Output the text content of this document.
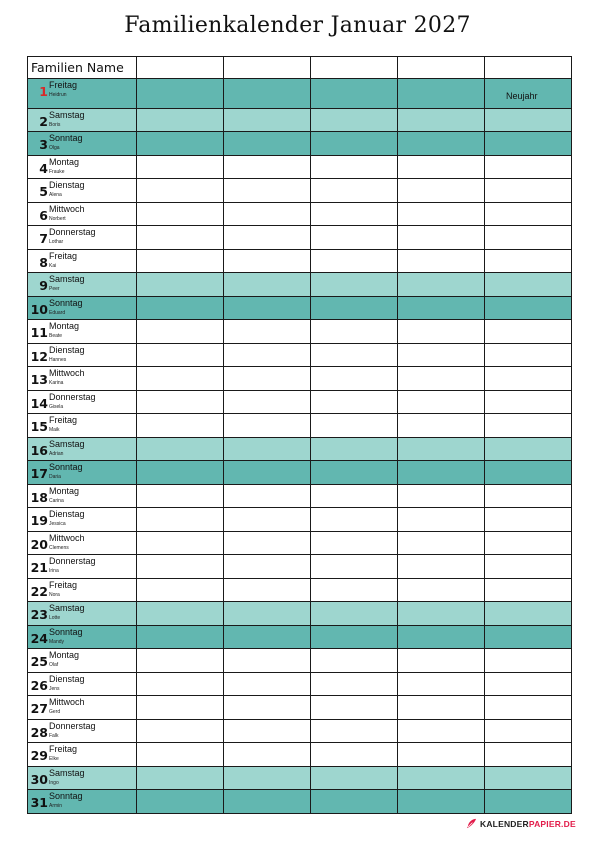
Familienkalender Januar 2027
Familien Name					

1 Freitag
Heidrun					Neujahr

2 Samstag
Boris					

3 Sonntag
Olga					

4 Montag
Frauke					

5 Dienstag
Alena					

6 Mittwoch
Norbert					

7 Donnerstag
Lothar					

8 Freitag
Kai					

9 Samstag
Peer					

10 Sonntag
Eduard					

11 Montag
Beate					

12 Dienstag
Hannes					

13 Mittwoch
Karina					

14 Donnerstag
Gisela					

15 Freitag
Maik					

16 Samstag
Adrian					

17 Sonntag
Daria					

18 Montag
Carina					

19 Dienstag
Jessica					

20 Mittwoch
Clemens					

21 Donnerstag
Irina					

22 Freitag
Nora					

23 Samstag
Lotte					

24 Sonntag
Mandy					

25 Montag
Olaf					

26 Dienstag
Jens					

27 Mittwoch
Gerd					

28 Donnerstag
Falk					

29 Freitag
Elke					

30 Samstag
Ingo					

31 Sonntag
Armin					

KALENDER PAPIER.DE
